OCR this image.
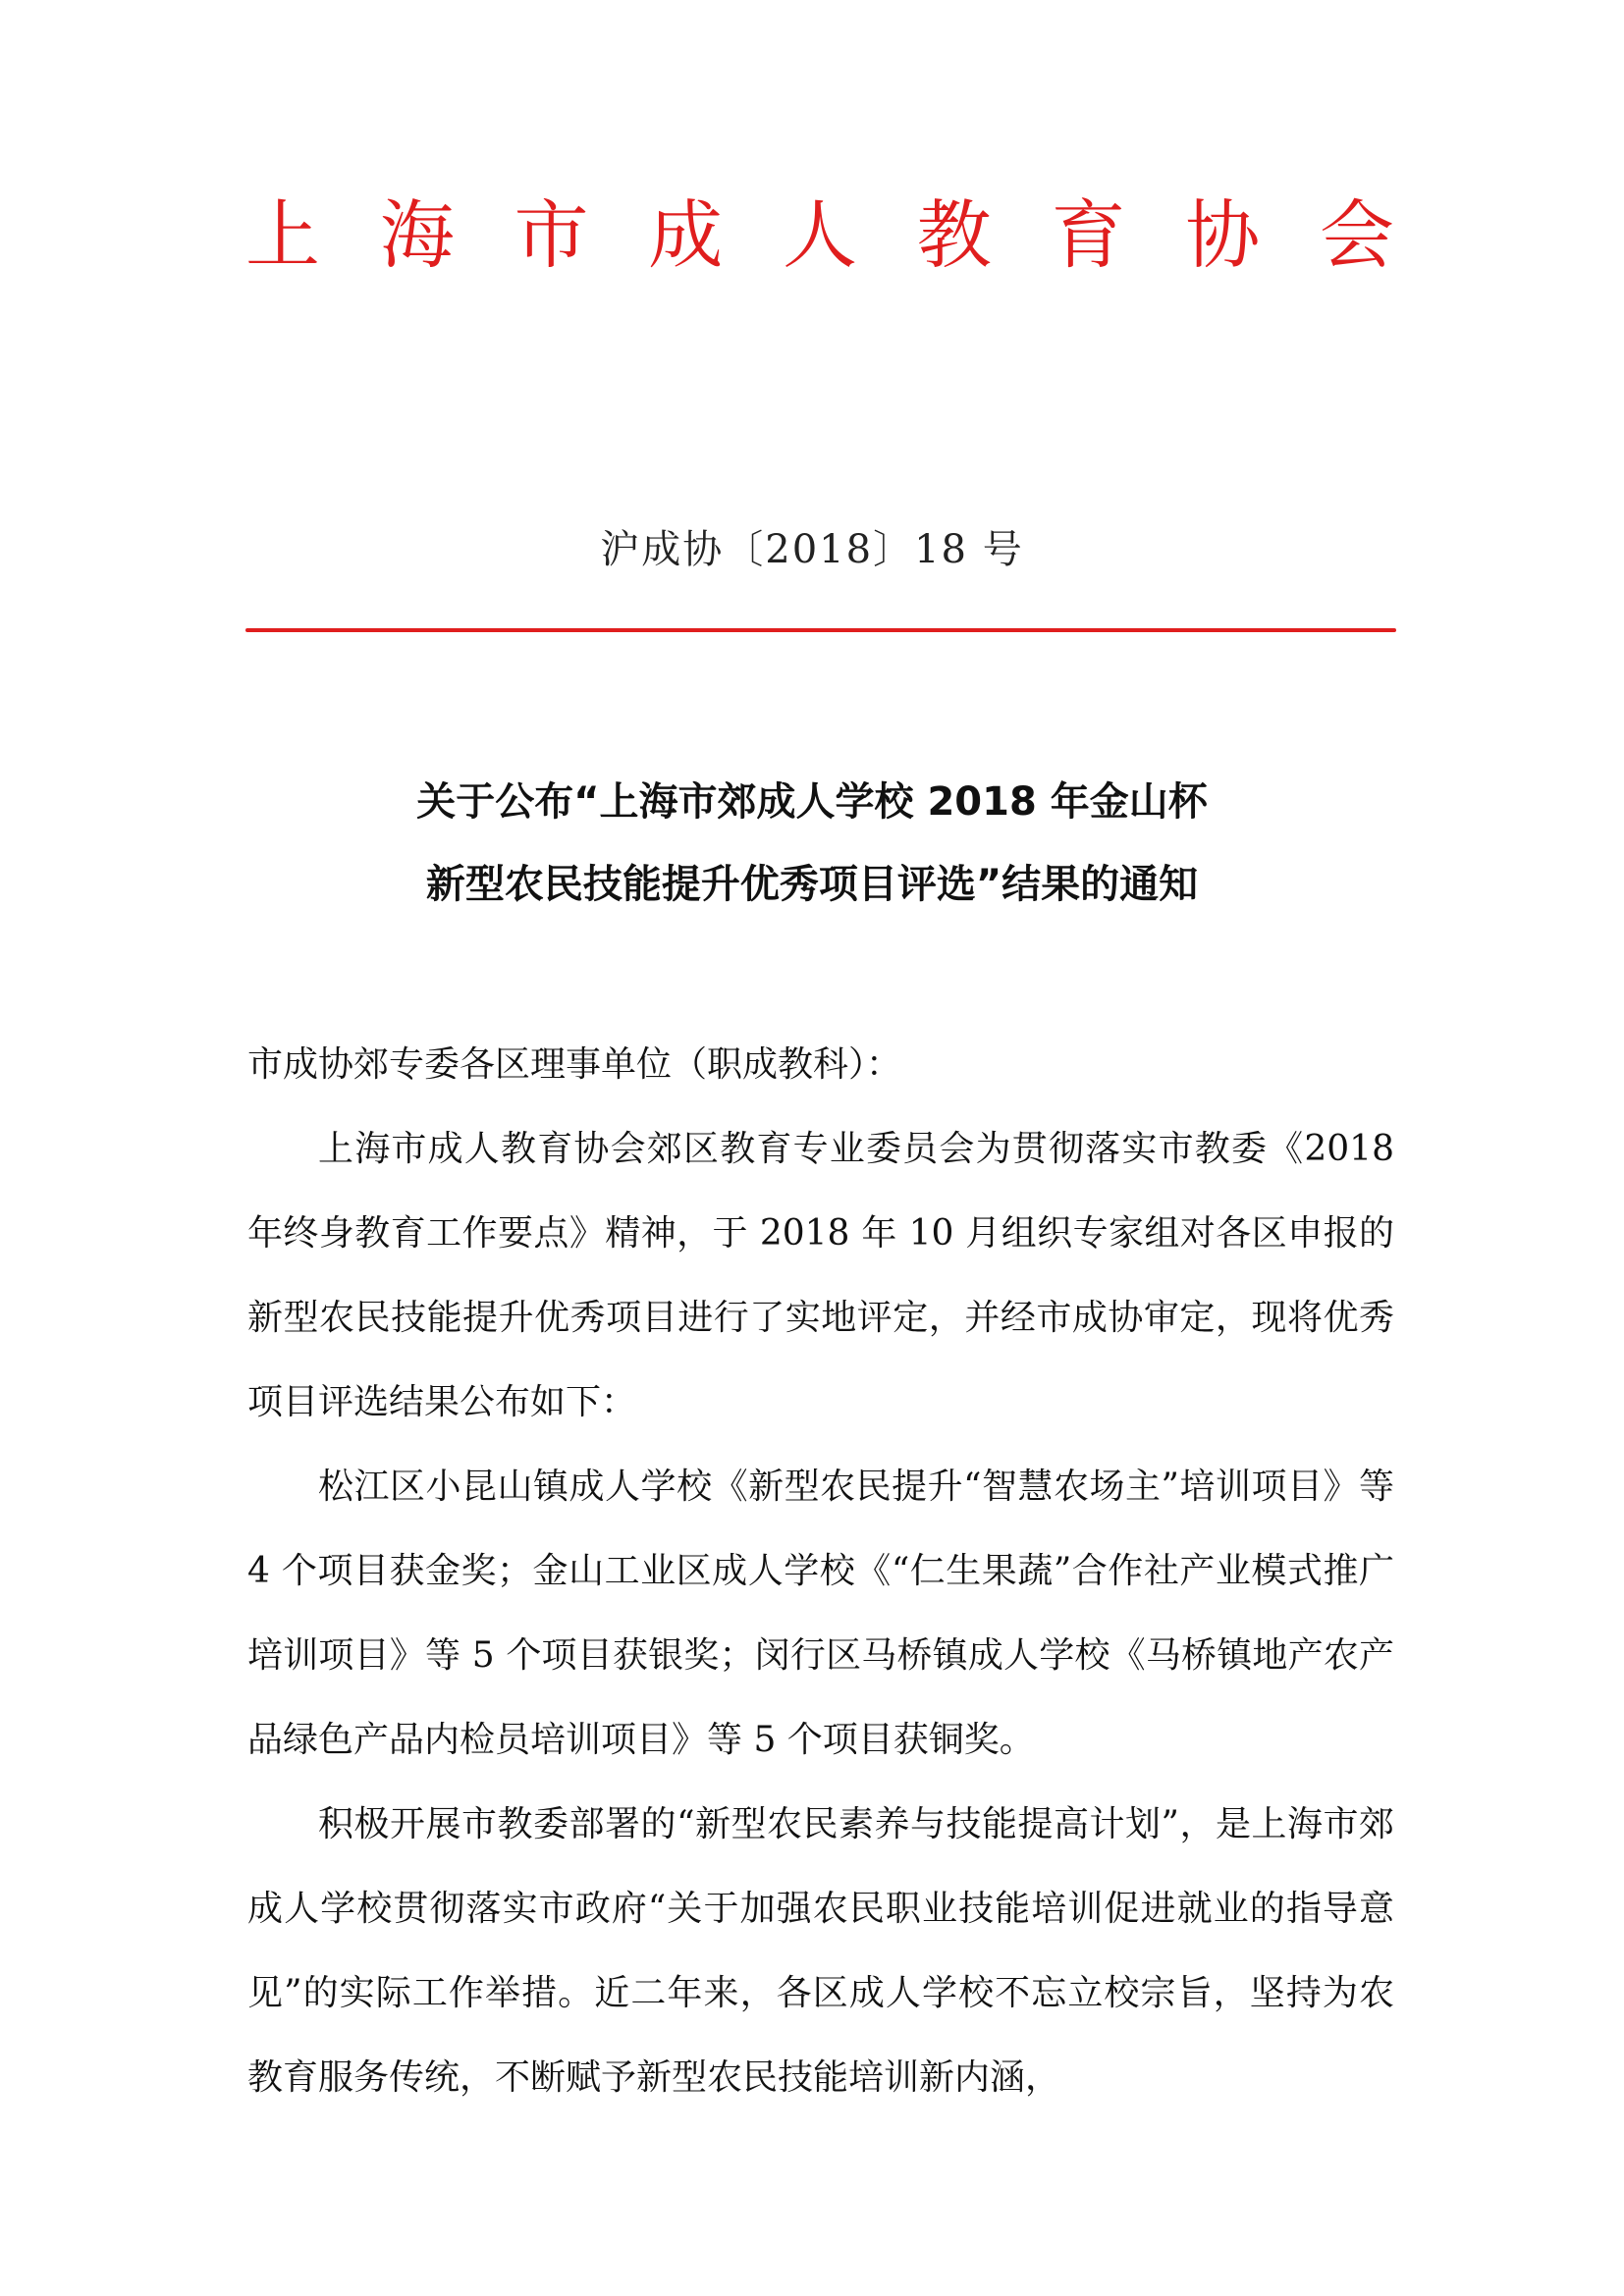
上 海 市 成 人 教 育 协 会
沪成协〔2018〕18 号
关于公布“上海市郊成人学校 2018 年金山杯
新型农民技能提升优秀项目评选”结果的通知

市成协郊专委各区理事单位（职成教科）：

上海市成人教育协会郊区教育专业委员会为贯彻落实市教委《2018 年终身教育工作要点》精神，于 2018 年 10 月组织专家组对各区申报的新型农民技能提升优秀项目进行了实地评定，并经市成协审定，现将优秀项目评选结果公布如下：

松江区小昆山镇成人学校《新型农民提升“智慧农场主”培训项目》等 4 个项目获金奖；金山工业区成人学校《“仁生果蔬”合作社产业模式推广培训项目》等 5 个项目获银奖；闵行区马桥镇成人学校《马桥镇地产农产品绿色产品内检员培训项目》等 5 个项目获铜奖。

积极开展市教委部署的“新型农民素养与技能提高计划”，是上海市郊成人学校贯彻落实市政府“关于加强农民职业技能培训促进就业的指导意见”的实际工作举措。近二年来，各区成人学校不忘立校宗旨，坚持为农教育服务传统，不断赋予新型农民技能培训新内涵，
